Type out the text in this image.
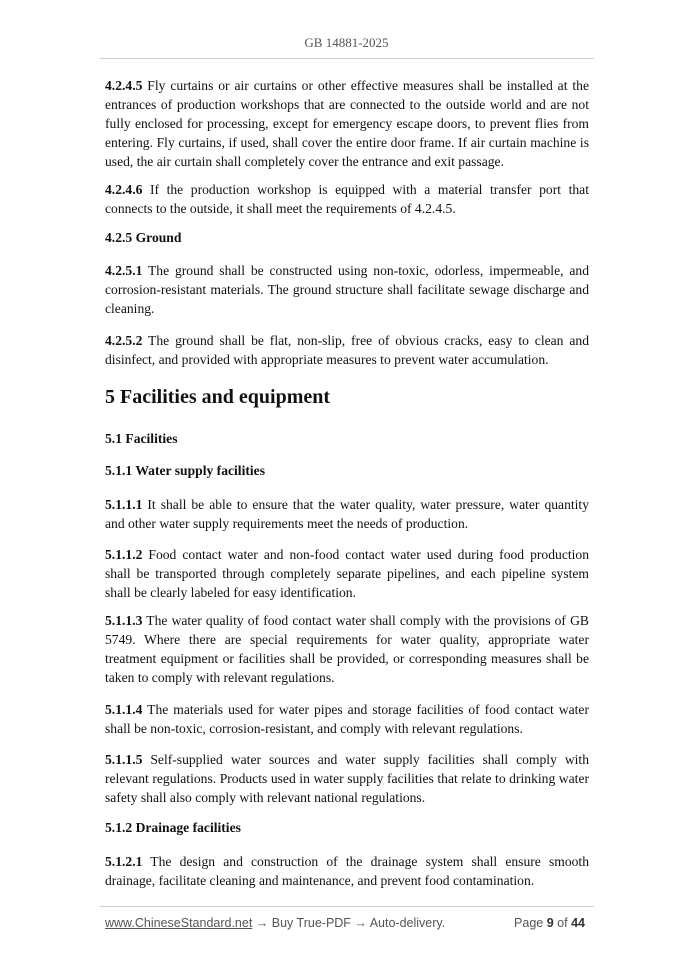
GB 14881-2025
4.2.4.5 Fly curtains or air curtains or other effective measures shall be installed at the entrances of production workshops that are connected to the outside world and are not fully enclosed for processing, except for emergency escape doors, to prevent flies from entering. Fly curtains, if used, shall cover the entire door frame. If air curtain machine is used, the air curtain shall completely cover the entrance and exit passage.
4.2.4.6 If the production workshop is equipped with a material transfer port that connects to the outside, it shall meet the requirements of 4.2.4.5.
4.2.5 Ground
4.2.5.1 The ground shall be constructed using non-toxic, odorless, impermeable, and corrosion-resistant materials. The ground structure shall facilitate sewage discharge and cleaning.
4.2.5.2 The ground shall be flat, non-slip, free of obvious cracks, easy to clean and disinfect, and provided with appropriate measures to prevent water accumulation.
5 Facilities and equipment
5.1 Facilities
5.1.1 Water supply facilities
5.1.1.1 It shall be able to ensure that the water quality, water pressure, water quantity and other water supply requirements meet the needs of production.
5.1.1.2 Food contact water and non-food contact water used during food production shall be transported through completely separate pipelines, and each pipeline system shall be clearly labeled for easy identification.
5.1.1.3 The water quality of food contact water shall comply with the provisions of GB 5749. Where there are special requirements for water quality, appropriate water treatment equipment or facilities shall be provided, or corresponding measures shall be taken to comply with relevant regulations.
5.1.1.4 The materials used for water pipes and storage facilities of food contact water shall be non-toxic, corrosion-resistant, and comply with relevant regulations.
5.1.1.5 Self-supplied water sources and water supply facilities shall comply with relevant regulations. Products used in water supply facilities that relate to drinking water safety shall also comply with relevant national regulations.
5.1.2 Drainage facilities
5.1.2.1 The design and construction of the drainage system shall ensure smooth drainage, facilitate cleaning and maintenance, and prevent food contamination.
www.ChineseStandard.net → Buy True-PDF → Auto-delivery.	Page 9 of 44
